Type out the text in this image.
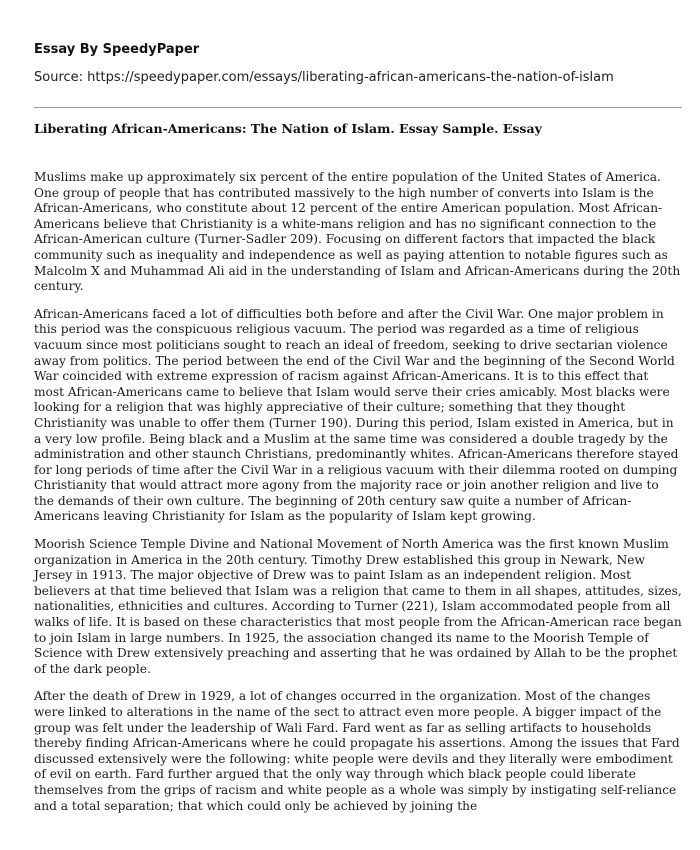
Essay By SpeedyPaper
Source: https://speedypaper.com/essays/liberating-african-americans-the-nation-of-islam
Liberating African-Americans: The Nation of Islam. Essay Sample. Essay

Muslims make up approximately six percent of the entire population of the United States of America. One group of people that has contributed massively to the high number of converts into Islam is the African-Americans, who constitute about 12 percent of the entire American population. Most African-Americans believe that Christianity is a white-mans religion and has no significant connection to the African-American culture (Turner-Sadler 209). Focusing on different factors that impacted the black community such as inequality and independence as well as paying attention to notable figures such as Malcolm X and Muhammad Ali aid in the understanding of Islam and African-Americans during the 20th century.

African-Americans faced a lot of difficulties both before and after the Civil War. One major problem in this period was the conspicuous religious vacuum. The period was regarded as a time of religious vacuum since most politicians sought to reach an ideal of freedom, seeking to drive sectarian violence away from politics. The period between the end of the Civil War and the beginning of the Second World War coincided with extreme expression of racism against African-Americans. It is to this effect that most African-Americans came to believe that Islam would serve their cries amicably. Most blacks were looking for a religion that was highly appreciative of their culture; something that they thought Christianity was unable to offer them (Turner 190). During this period, Islam existed in America, but in a very low profile. Being black and a Muslim at the same time was considered a double tragedy by the administration and other staunch Christians, predominantly whites. African-Americans therefore stayed for long periods of time after the Civil War in a religious vacuum with their dilemma rooted on dumping Christianity that would attract more agony from the majority race or join another religion and live to the demands of their own culture. The beginning of 20th century saw quite a number of African-Americans leaving Christianity for Islam as the popularity of Islam kept growing.

Moorish Science Temple Divine and National Movement of North America was the first known Muslim organization in America in the 20th century. Timothy Drew established this group in Newark, New Jersey in 1913. The major objective of Drew was to paint Islam as an independent religion. Most believers at that time believed that Islam was a religion that came to them in all shapes, attitudes, sizes, nationalities, ethnicities and cultures. According to Turner (221), Islam accommodated people from all walks of life. It is based on these characteristics that most people from the African-American race began to join Islam in large numbers. In 1925, the association changed its name to the Moorish Temple of Science with Drew extensively preaching and asserting that he was ordained by Allah to be the prophet of the dark people.

After the death of Drew in 1929, a lot of changes occurred in the organization. Most of the changes were linked to alterations in the name of the sect to attract even more people. A bigger impact of the group was felt under the leadership of Wali Fard. Fard went as far as selling artifacts to households thereby finding African-Americans where he could propagate his assertions. Among the issues that Fard discussed extensively were the following: white people were devils and they literally were embodiment of evil on earth. Fard further argued that the only way through which black people could liberate themselves from the grips of racism and white people as a whole was simply by instigating self-reliance and a total separation; that which could only be achieved by joining the
